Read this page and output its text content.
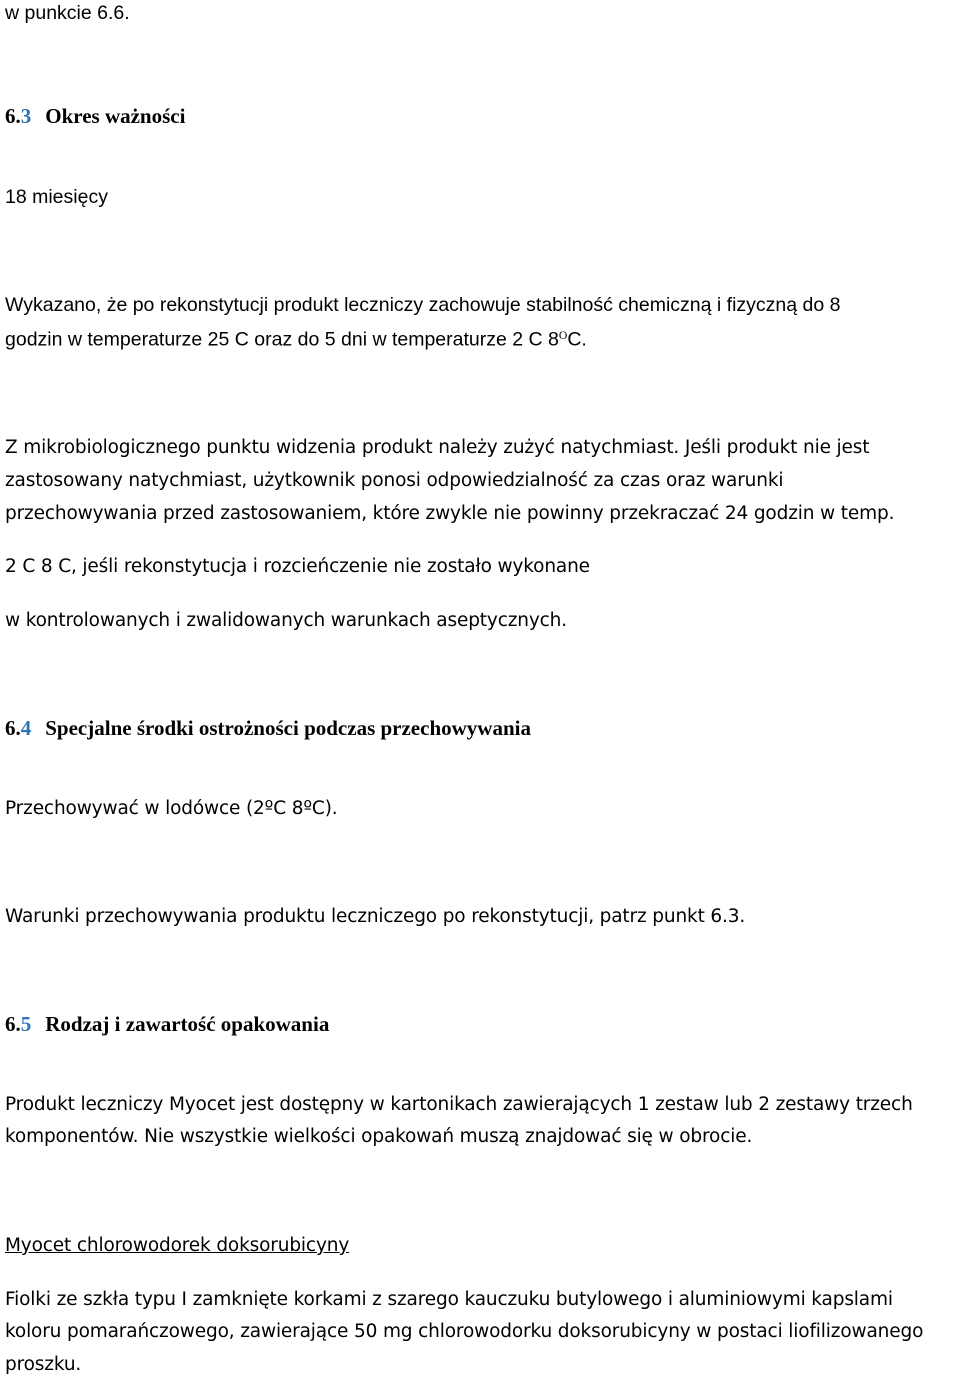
w punkcie 6.6.
6.3 Okres ważności
18 miesięcy
Wykazano, że po rekonstytucji produkt leczniczy zachowuje stabilność chemiczną i fizyczną do 8
godzin w temperaturze 25 C oraz do 5 dni w temperaturze 2 C $8^OC$.
Z mikrobiologicznego punktu widzenia produkt należy zużyć natychmiast. Jeśli produkt nie jest
zastosowany natychmiast, użytkownik ponosi odpowiedzialność za czas oraz warunki
przechowywania przed zastosowaniem, które zwykle nie powinny przekraczać 24 godzin w temp.
2 C 8 C, jeśli rekonstytucja i rozcieńczenie nie zostało wykonane
w kontrolowanych i zwalidowanych warunkach aseptycznych.
6.4 Specjalne środki ostrożności podczas przechowywania
Przechowywać w lodówce (2ºC 8ºC).
Warunki przechowywania produktu leczniczego po rekonstytucji, patrz punkt 6.3.
6.5 Rodzaj i zawartość opakowania
Produkt leczniczy Myocet jest dostępny w kartonikach zawierających 1 zestaw lub 2 zestawy trzech
komponentów. Nie wszystkie wielkości opakowań muszą znajdować się w obrocie.
Myocet chlorowodorek doksorubicyny
Fiolki ze szkła typu I zamknięte korkami z szarego kauczuku butylowego i aluminiowymi kapslami
koloru pomarańczowego, zawierające 50 mg chlorowodorku doksorubicyny w postaci liofilizowanego
proszku.
